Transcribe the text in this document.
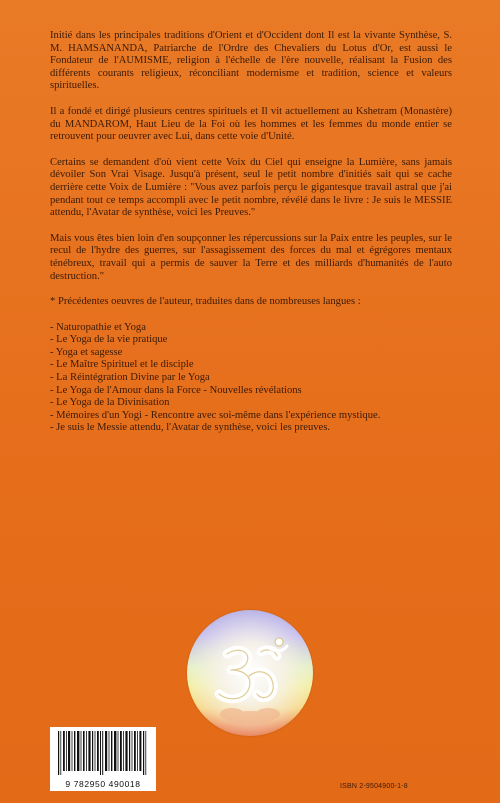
Initié dans les principales traditions d'Orient et d'Occident dont Il est la vivante Synthèse, S. M. HAMSANANDA, Patriarche de l'Ordre des Chevaliers du Lotus d'Or, est aussi le Fondateur de l'AUMISME, religion à l'échelle de l'ère nouvelle, réalisant la Fusion des différents courants religieux, réconciliant modernisme et tradition, science et valeurs spirituelles.

Il a fondé et dirigé plusieurs centres spirituels et Il vit actuellement au Kshetram (Monastère) du MANDAROM, Haut Lieu de la Foi où les hommes et les femmes du monde entier se retrouvent pour oeuvrer avec Lui, dans cette voie d'Unité.

Certains se demandent d'où vient cette Voix du Ciel qui enseigne la Lumière, sans jamais dévoiler Son Vrai Visage. Jusqu'à présent, seul le petit nombre d'initiés sait qui se cache derrière cette Voix de Lumière : "Vous avez parfois perçu le gigantesque travail astral que j'ai pendant tout ce temps accompli avec le petit nombre, révélé dans le livre : Je suis le MESSIE attendu, l'Avatar de synthèse, voici les Preuves."

Mais vous êtes bien loin d'en soupçonner les répercussions sur la Paix entre les peuples, sur le recul de l'hydre des guerres, sur l'assagissement des forces du mal et égrégores mentaux ténébreux, travail qui a permis de sauver la Terre et des milliards d'humanités de l'auto destruction."

* Précédentes oeuvres de l'auteur, traduites dans de nombreuses langues :

- Naturopathie et Yoga
- Le Yoga de la vie pratique
- Yoga et sagesse
- Le Maître Spirituel et le disciple
- La Réintégration Divine par le Yoga
- Le Yoga de l'Amour dans la Force - Nouvelles révélations
- Le Yoga de la Divinisation
- Mémoires d'un Yogi - Rencontre avec soi-même dans l'expérience mystique.
- Je suis le Messie attendu, l'Avatar de synthèse, voici les preuves.
9 782950 490018	ISBN 2-9504900-1-8
